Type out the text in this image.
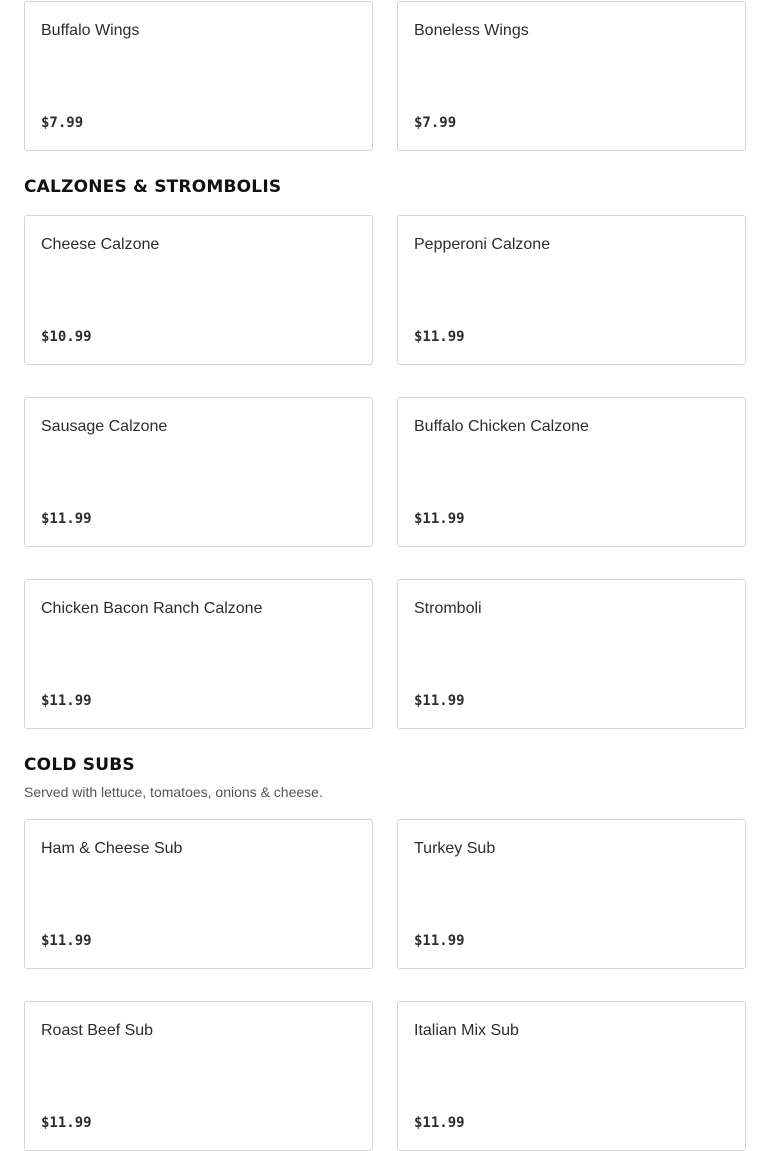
Buffalo Wings
$7.99
Boneless Wings
$7.99
CALZONES & STROMBOLIS
Cheese Calzone
$10.99
Pepperoni Calzone
$11.99
Sausage Calzone
$11.99
Buffalo Chicken Calzone
$11.99
Chicken Bacon Ranch Calzone
$11.99
Stromboli
$11.99
COLD SUBS

Served with lettuce, tomatoes, onions & cheese.

Ham & Cheese Sub
$11.99
Turkey Sub
$11.99
Roast Beef Sub
$11.99
Italian Mix Sub
$11.99
